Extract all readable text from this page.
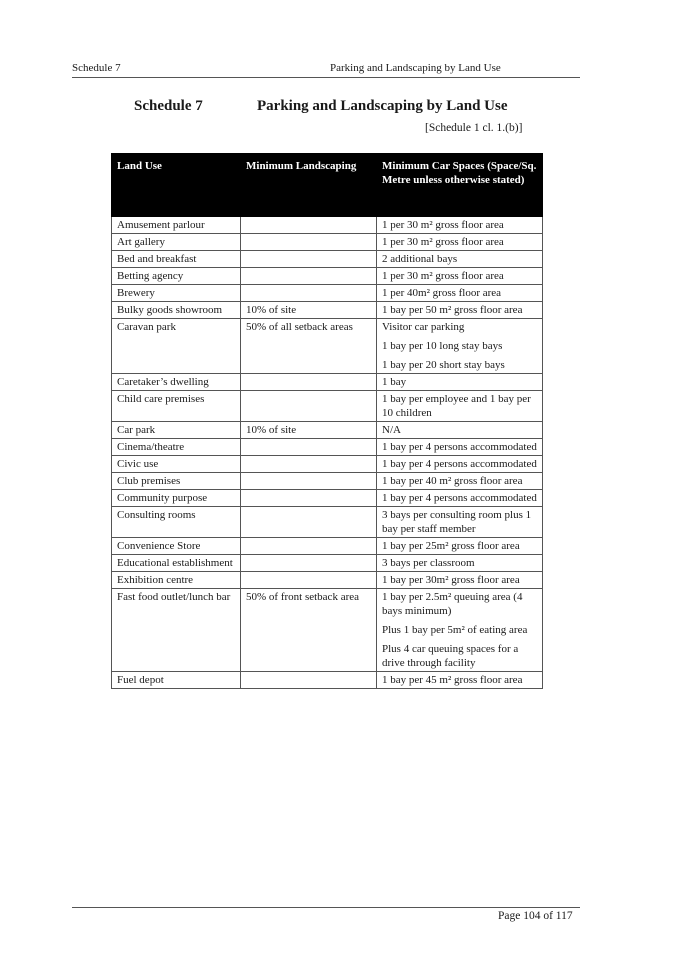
Schedule 7	Parking and Landscaping by Land Use
Schedule 7	Parking and Landscaping by Land Use
[Schedule 1 cl. 1.(b)]
Land Use	Minimum Landscaping	Minimum Car Spaces (Space/Sq. Metre unless otherwise stated)
Amusement parlour		1 per 30 m² gross floor area

Art gallery		1 per 30 m² gross floor area

Bed and breakfast		2 additional bays

Betting agency		1 per 30 m² gross floor area

Brewery		1 per 40m² gross floor area

Bulky goods showroom	10% of site	1 bay per 50 m² gross floor area

Caravan park	50% of all setback areas	Visitor car parking

1 bay per 10 long stay bays

1 bay per 20 short stay bays

Caretaker’s dwelling		1 bay

Child care premises		1 bay per employee and 1 bay per 10 children

Car park	10% of site	N/A

Cinema/theatre		1 bay per 4 persons accommodated

Civic use		1 bay per 4 persons accommodated

Club premises		1 bay per 40 m² gross floor area

Community purpose		1 bay per 4 persons accommodated

Consulting rooms		3 bays per consulting room plus 1 bay per staff member

Convenience Store		1 bay per 25m² gross floor area

Educational establishment		3 bays per classroom

Exhibition centre		1 bay per 30m² gross floor area

Fast food outlet/lunch bar	50% of front setback area	1 bay per 2.5m² queuing area (4 bays minimum)

Plus 1 bay per 5m² of eating area

Plus 4 car queuing spaces for a drive through facility

Fuel depot		1 bay per 45 m² gross floor area

Page 104 of 117
